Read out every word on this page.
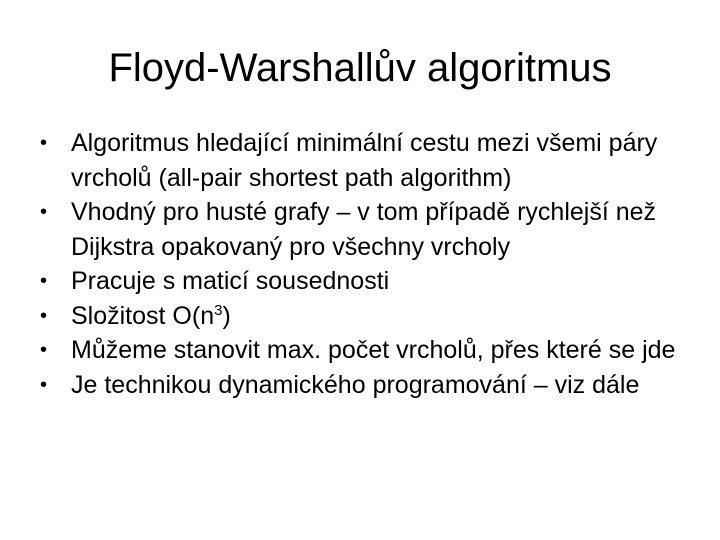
Floyd-Warshallův algoritmus
• Algoritmus hledající minimální cestu mezi všemi páry vrcholů (all-pair shortest path algorithm)
• Vhodný pro husté grafy – v tom případě rychlejší než Dijkstra opakovaný pro všechny vrcholy
• Pracuje s maticí sousednosti
• Složitost $O(n^3)$
• Můžeme stanovit max. počet vrcholů, přes které se jde
• Je technikou dynamického programování – viz dále
